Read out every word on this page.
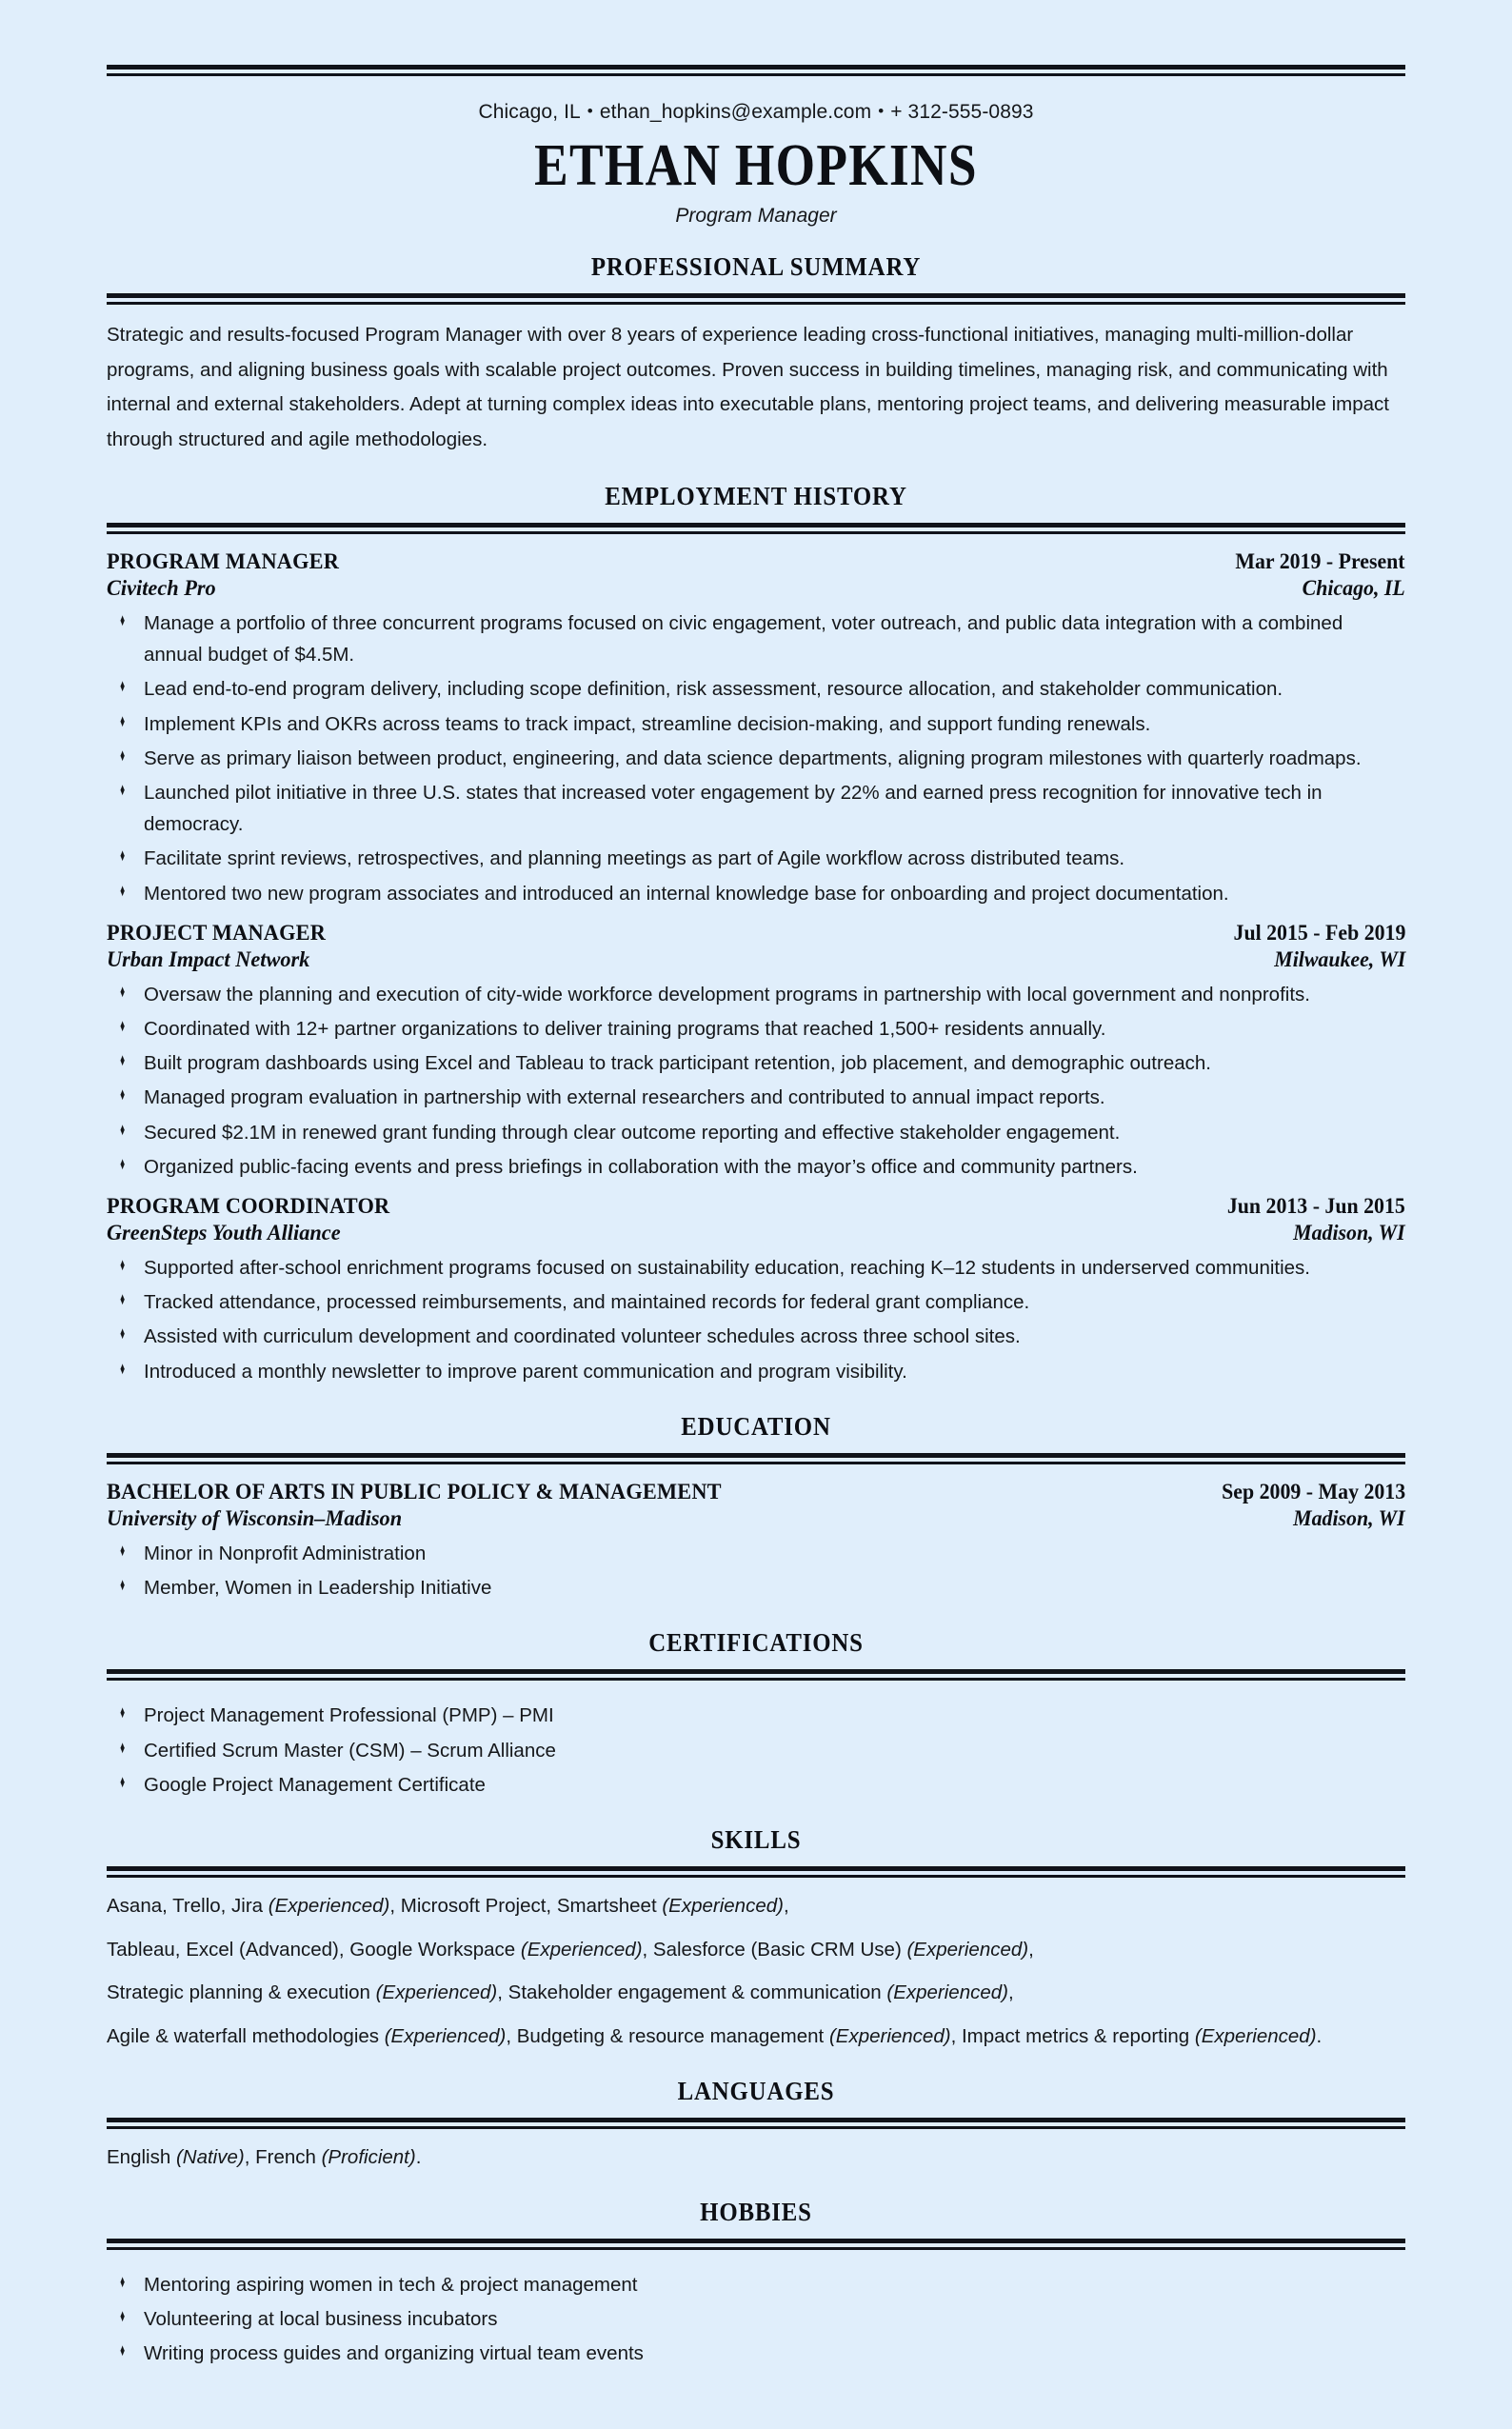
Chicago, IL • ethan_hopkins@example.com • + 312-555-0893
ETHAN HOPKINS
Program Manager
PROFESSIONAL SUMMARY
Strategic and results-focused Program Manager with over 8 years of experience leading cross-functional initiatives, managing multi-million-dollar programs, and aligning business goals with scalable project outcomes. Proven success in building timelines, managing risk, and communicating with internal and external stakeholders. Adept at turning complex ideas into executable plans, mentoring project teams, and delivering measurable impact through structured and agile methodologies.
EMPLOYMENT HISTORY
PROGRAM MANAGER	Mar 2019 - Present
Civitech Pro	Chicago, IL
♦ Manage a portfolio of three concurrent programs focused on civic engagement, voter outreach, and public data integration with a combined annual budget of $4.5M.
♦ Lead end-to-end program delivery, including scope definition, risk assessment, resource allocation, and stakeholder communication.
♦ Implement KPIs and OKRs across teams to track impact, streamline decision-making, and support funding renewals.
♦ Serve as primary liaison between product, engineering, and data science departments, aligning program milestones with quarterly roadmaps.
♦ Launched pilot initiative in three U.S. states that increased voter engagement by 22% and earned press recognition for innovative tech in democracy.
♦ Facilitate sprint reviews, retrospectives, and planning meetings as part of Agile workflow across distributed teams.
♦ Mentored two new program associates and introduced an internal knowledge base for onboarding and project documentation.
PROJECT MANAGER	Jul 2015 - Feb 2019
Urban Impact Network	Milwaukee, WI
♦ Oversaw the planning and execution of city-wide workforce development programs in partnership with local government and nonprofits.
♦ Coordinated with 12+ partner organizations to deliver training programs that reached 1,500+ residents annually.
♦ Built program dashboards using Excel and Tableau to track participant retention, job placement, and demographic outreach.
♦ Managed program evaluation in partnership with external researchers and contributed to annual impact reports.
♦ Secured $2.1M in renewed grant funding through clear outcome reporting and effective stakeholder engagement.
♦ Organized public-facing events and press briefings in collaboration with the mayor’s office and community partners.
PROGRAM COORDINATOR	Jun 2013 - Jun 2015
GreenSteps Youth Alliance	Madison, WI
♦ Supported after-school enrichment programs focused on sustainability education, reaching K–12 students in underserved communities.
♦ Tracked attendance, processed reimbursements, and maintained records for federal grant compliance.
♦ Assisted with curriculum development and coordinated volunteer schedules across three school sites.
♦ Introduced a monthly newsletter to improve parent communication and program visibility.
EDUCATION
BACHELOR OF ARTS IN PUBLIC POLICY & MANAGEMENT	Sep 2009 - May 2013
University of Wisconsin–Madison	Madison, WI
♦ Minor in Nonprofit Administration
♦ Member, Women in Leadership Initiative
CERTIFICATIONS
♦ Project Management Professional (PMP) – PMI
♦ Certified Scrum Master (CSM) – Scrum Alliance
♦ Google Project Management Certificate
SKILLS
Asana, Trello, Jira (Experienced), Microsoft Project, Smartsheet (Experienced),
Tableau, Excel (Advanced), Google Workspace (Experienced), Salesforce (Basic CRM Use) (Experienced),
Strategic planning & execution (Experienced), Stakeholder engagement & communication (Experienced),
Agile & waterfall methodologies (Experienced), Budgeting & resource management (Experienced), Impact metrics & reporting (Experienced).
LANGUAGES
English (Native), French (Proficient).
HOBBIES
♦ Mentoring aspiring women in tech & project management
♦ Volunteering at local business incubators
♦ Writing process guides and organizing virtual team events
